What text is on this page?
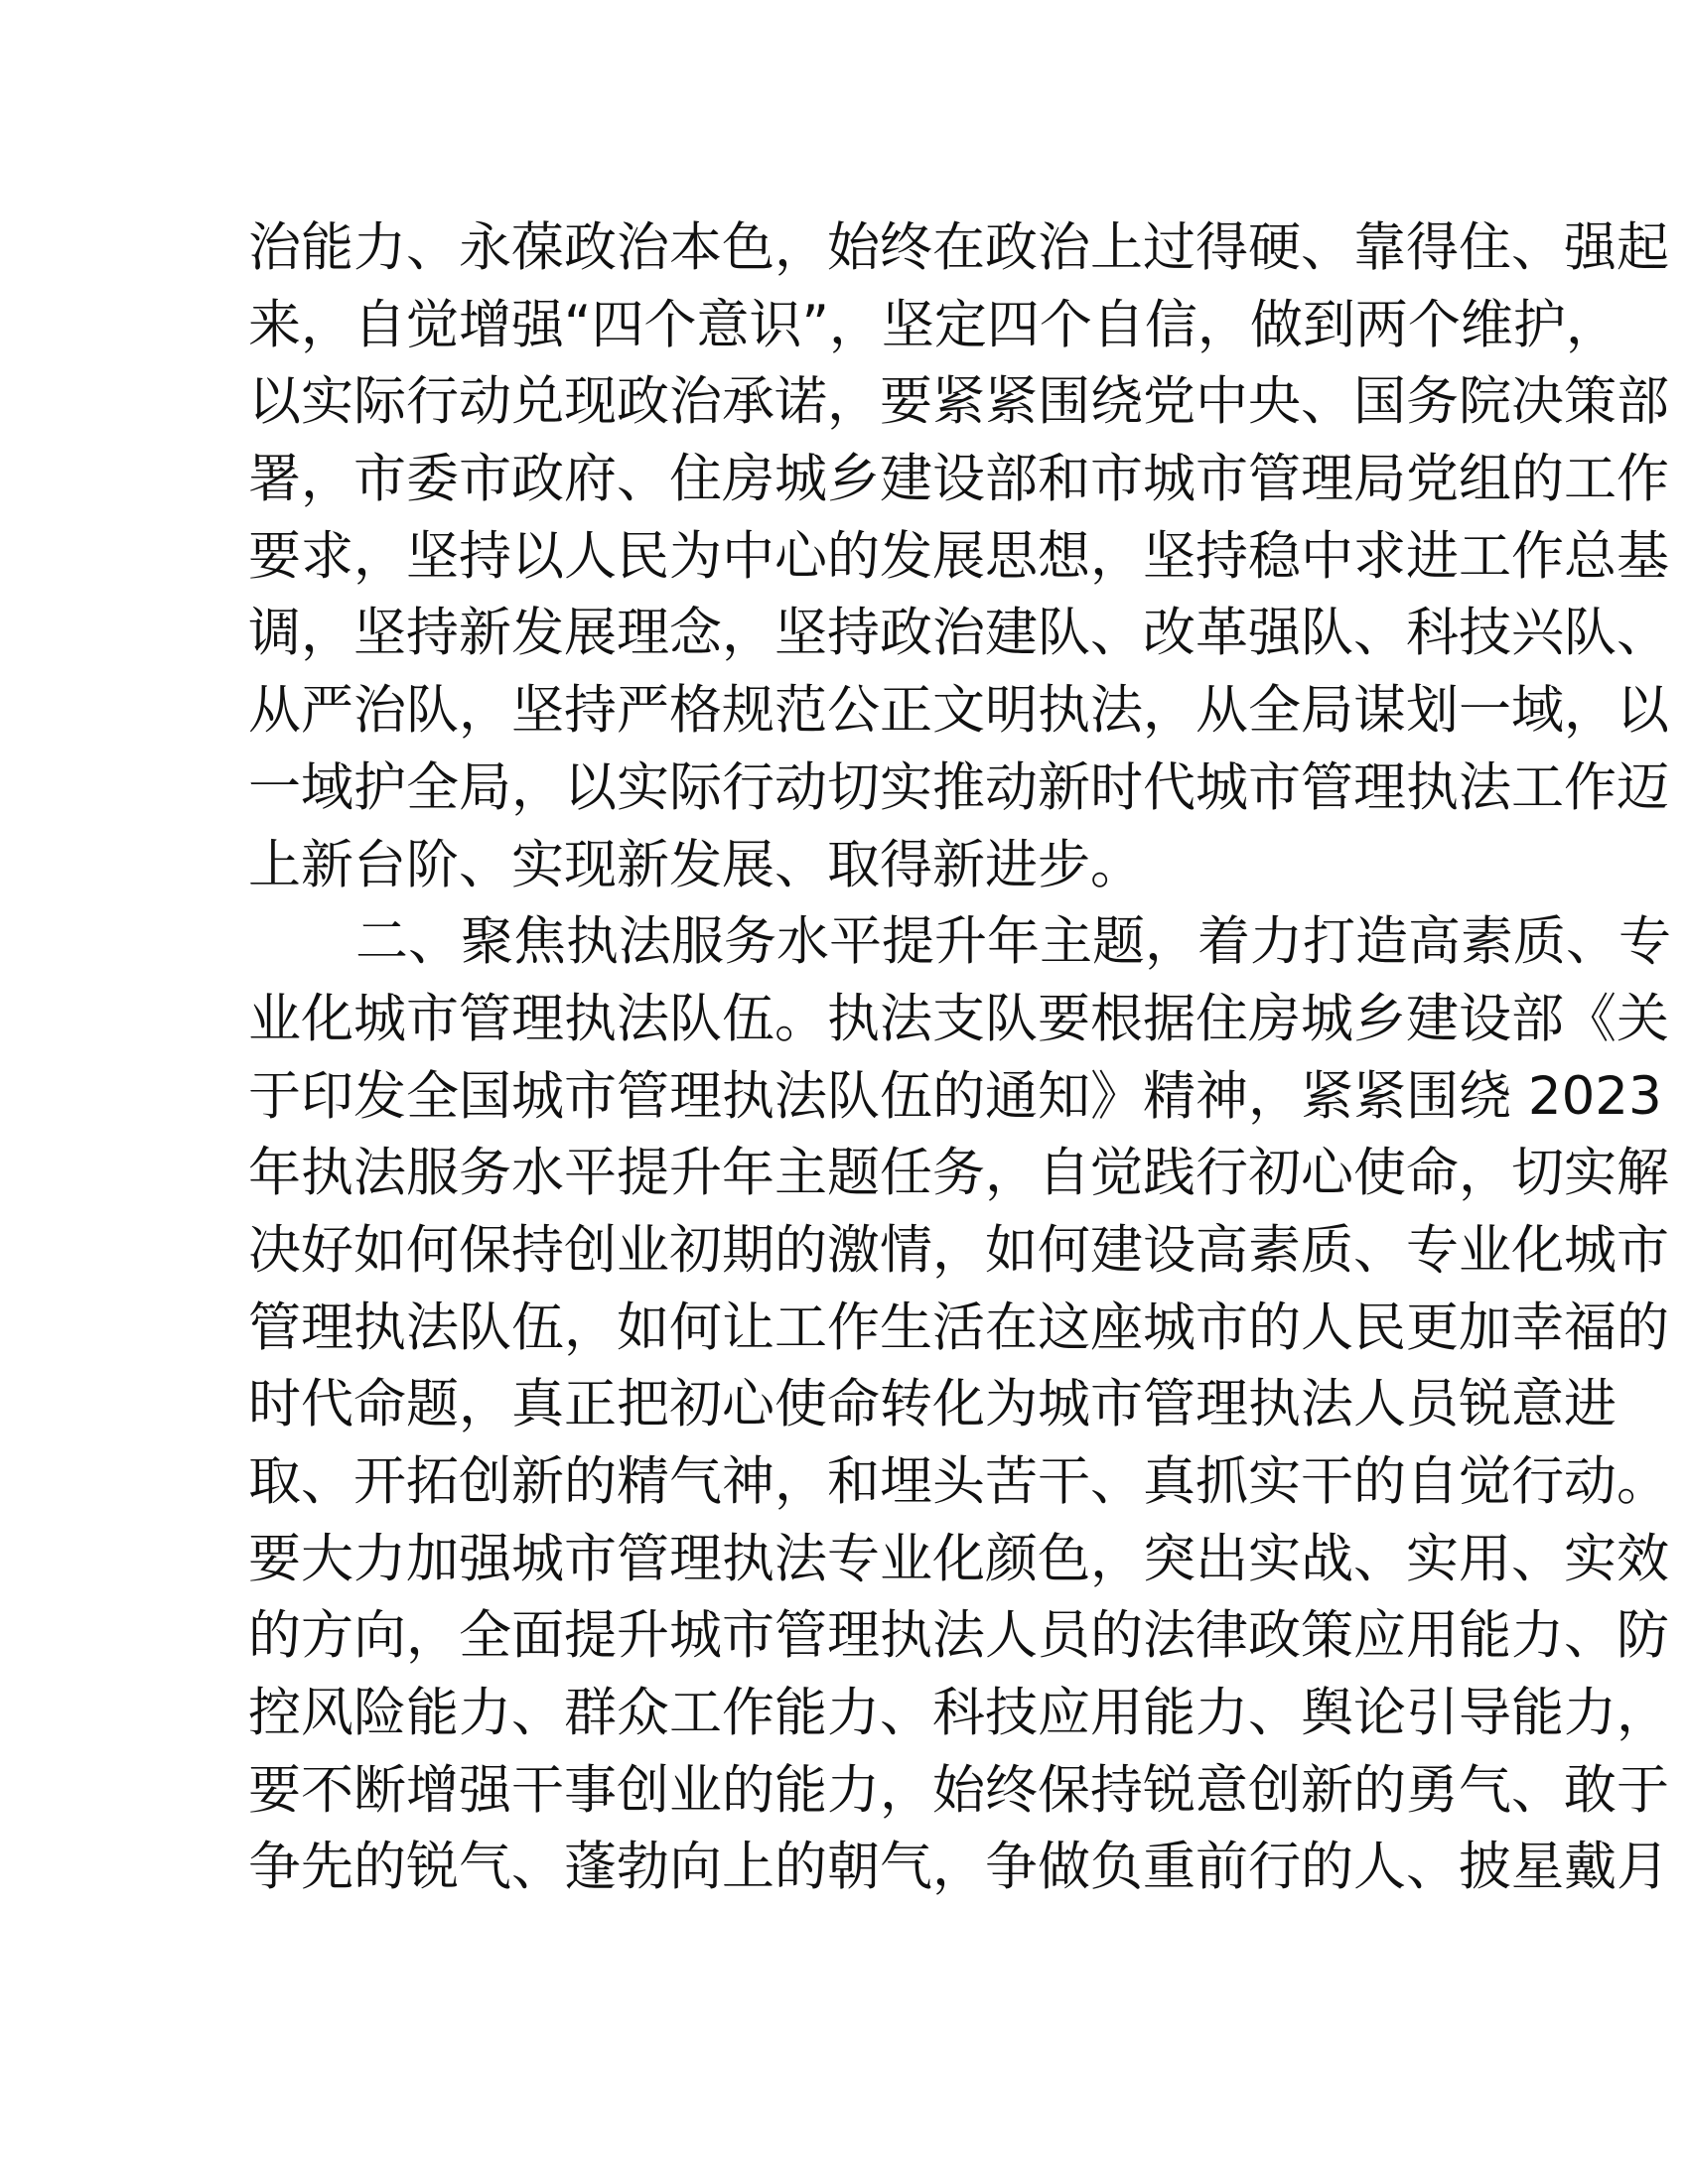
治能力、永葆政治本色，始终在政治上过得硬、靠得住、强起
来，自觉增强“四个意识”，坚定四个自信，做到两个维护，
以实际行动兑现政治承诺，要紧紧围绕党中央、国务院决策部
署，市委市政府、住房城乡建设部和市城市管理局党组的工作
要求，坚持以人民为中心的发展思想，坚持稳中求进工作总基
调，坚持新发展理念，坚持政治建队、改革强队、科技兴队、
从严治队，坚持严格规范公正文明执法，从全局谋划一域，以
一域护全局，以实际行动切实推动新时代城市管理执法工作迈
上新台阶、实现新发展、取得新进步。
二、聚焦执法服务水平提升年主题，着力打造高素质、专
业化城市管理执法队伍。执法支队要根据住房城乡建设部《关
于印发全国城市管理执法队伍的通知》精神，紧紧围绕 2023
年执法服务水平提升年主题任务，自觉践行初心使命，切实解
决好如何保持创业初期的激情，如何建设高素质、专业化城市
管理执法队伍，如何让工作生活在这座城市的人民更加幸福的
时代命题，真正把初心使命转化为城市管理执法人员锐意进
取、开拓创新的精气神，和埋头苦干、真抓实干的自觉行动。
要大力加强城市管理执法专业化颜色，突出实战、实用、实效
的方向，全面提升城市管理执法人员的法律政策应用能力、防
控风险能力、群众工作能力、科技应用能力、舆论引导能力，
要不断增强干事创业的能力，始终保持锐意创新的勇气、敢于
争先的锐气、蓬勃向上的朝气，争做负重前行的人、披星戴月
